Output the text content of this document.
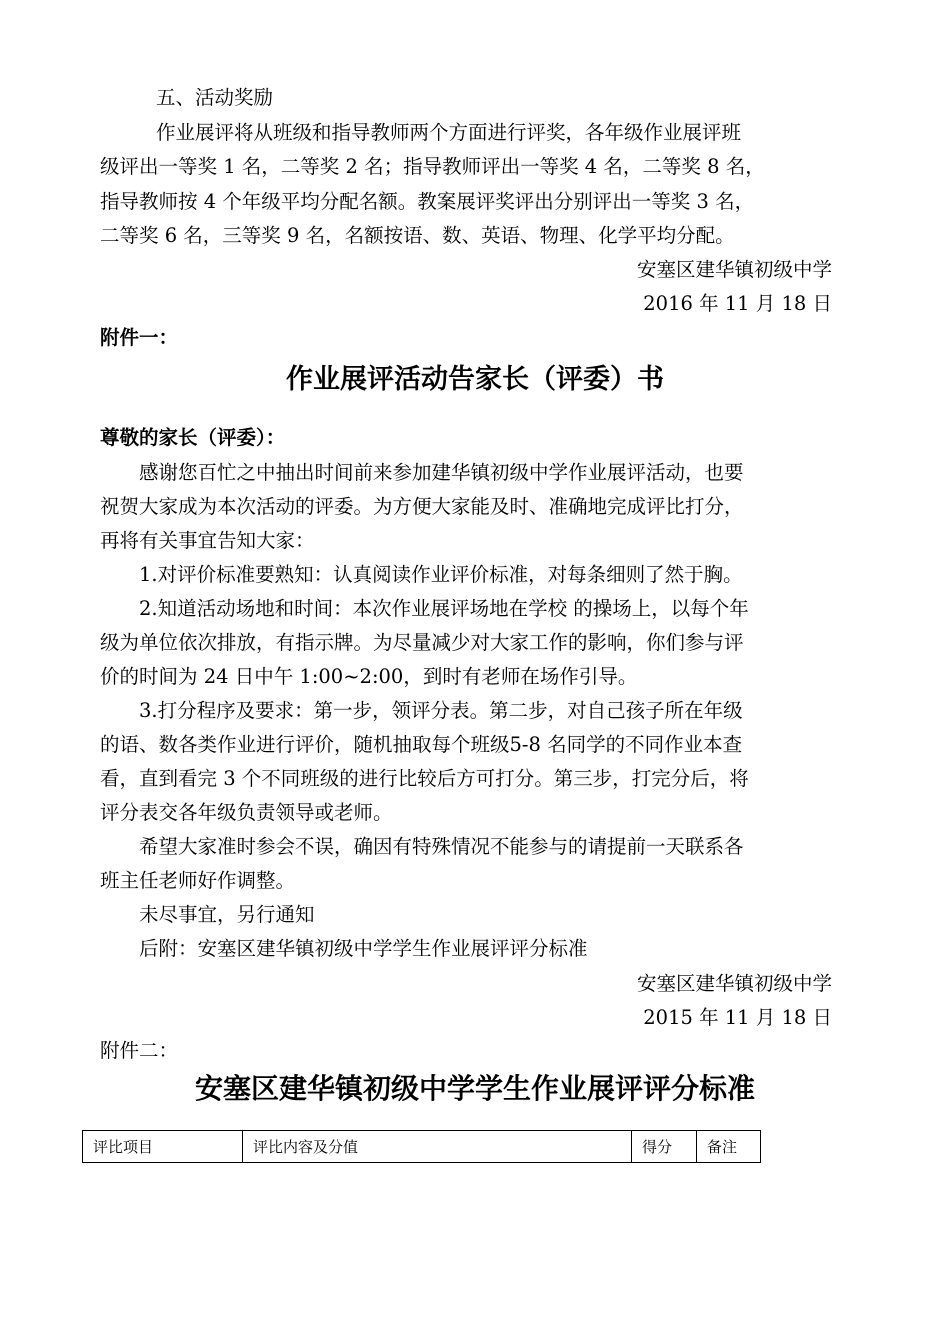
五、活动奖励

作业展评将从班级和指导教师两个方面进行评奖，各年级作业展评班

级评出一等奖 1 名，二等奖 2 名；指导教师评出一等奖 4 名，二等奖 8 名，

指导教师按 4 个年级平均分配名额。教案展评奖评出分别评出一等奖 3 名，

二等奖 6 名，三等奖 9 名，名额按语、数、英语、物理、化学平均分配。

安塞区建华镇初级中学

2016 年 11 月 18 日

附件一：

作业展评活动告家长（评委）书

尊敬的家长（评委）：

感谢您百忙之中抽出时间前来参加建华镇初级中学作业展评活动，也要

祝贺大家成为本次活动的评委。为方便大家能及时、准确地完成评比打分，

再将有关事宜告知大家：

1.对评价标准要熟知：认真阅读作业评价标准，对每条细则了然于胸。

2.知道活动场地和时间：本次作业展评场地在学校 的操场上，以每个年

级为单位依次排放，有指示牌。为尽量减少对大家工作的影响，你们参与评

价的时间为 24 日中午 1:00~2:00，到时有老师在场作引导。

3.打分程序及要求：第一步，领评分表。第二步，对自己孩子所在年级

的语、数各类作业进行评价，随机抽取每个班级5-8 名同学的不同作业本查

看，直到看完 3 个不同班级的进行比较后方可打分。第三步，打完分后，将

评分表交各年级负责领导或老师。

希望大家准时参会不误，确因有特殊情况不能参与的请提前一天联系各

班主任老师好作调整。

未尽事宜，另行通知

后附：安塞区建华镇初级中学学生作业展评评分标准

安塞区建华镇初级中学

2015 年 11 月 18 日

附件二：

安塞区建华镇初级中学学生作业展评评分标准
评比项目	评比内容及分值	得分	备注
